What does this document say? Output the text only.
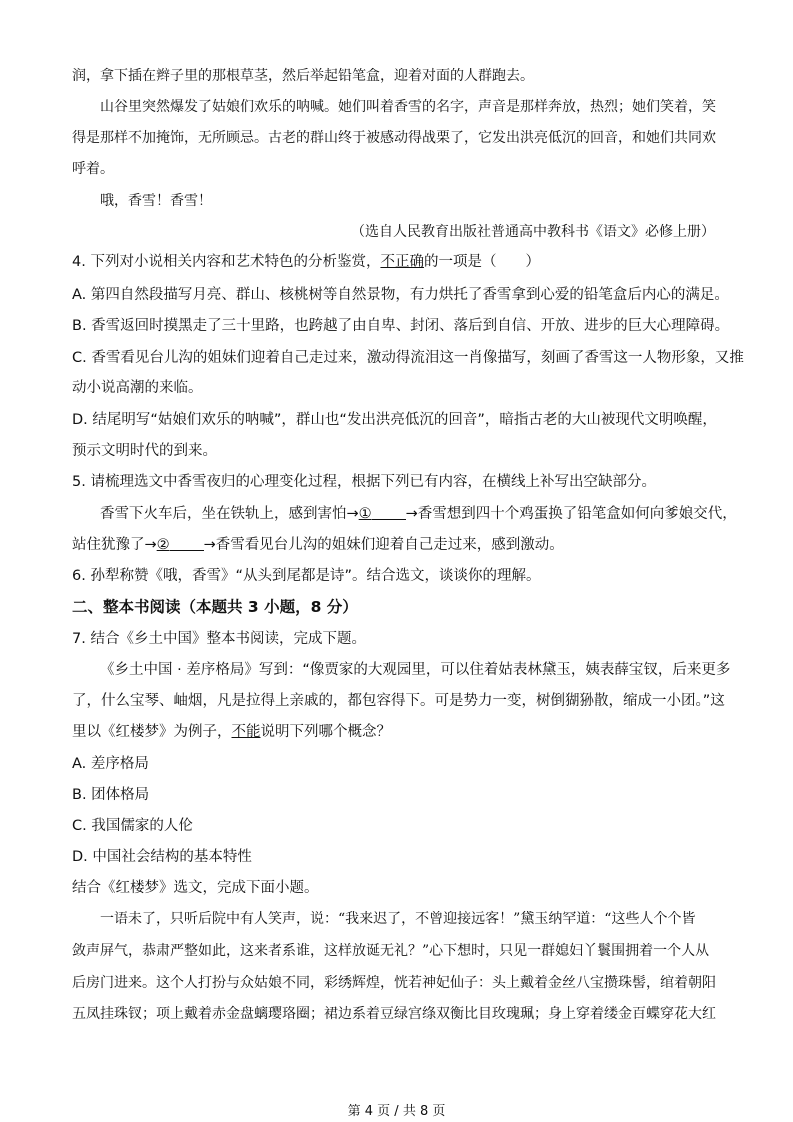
润，拿下插在辫子里的那根草茎，然后举起铅笔盒，迎着对面的人群跑去。
山谷里突然爆发了姑娘们欢乐的呐喊。她们叫着香雪的名字，声音是那样奔放，热烈；她们笑着，笑
得是那样不加掩饰，无所顾忌。古老的群山终于被感动得战栗了，它发出洪亮低沉的回音，和她们共同欢
呼着。
哦，香雪！香雪！
（选自人民教育出版社普通高中教科书《语文》必修上册）
4. 下列对小说相关内容和艺术特色的分析鉴赏，不正确的一项是（　　）
A. 第四自然段描写月亮、群山、核桃树等自然景物，有力烘托了香雪拿到心爱的铅笔盒后内心的满足。
B. 香雪返回时摸黑走了三十里路，也跨越了由自卑、封闭、落后到自信、开放、进步的巨大心理障碍。
C. 香雪看见台儿沟的姐妹们迎着自己走过来，激动得流泪这一肖像描写，刻画了香雪这一人物形象，又推
动小说高潮的来临。
D. 结尾明写“姑娘们欢乐的呐喊”，群山也“发出洪亮低沉的回音”，暗指古老的大山被现代文明唤醒，
预示文明时代的到来。
5. 请梳理选文中香雪夜归的心理变化过程，根据下列已有内容，在横线上补写出空缺部分。
香雪下火车后，坐在铁轨上，感到害怕→① →香雪想到四十个鸡蛋换了铅笔盒如何向爹娘交代，
站住犹豫了→② →香雪看见台儿沟的姐妹们迎着自己走过来，感到激动。
6. 孙犁称赞《哦，香雪》“从头到尾都是诗”。结合选文，谈谈你的理解。
二、整本书阅读（本题共 3 小题，8 分）
7. 结合《乡土中国》整本书阅读，完成下题。
《乡土中国 · 差序格局》写到：“像贾家的大观园里，可以住着姑表林黛玉，姨表薛宝钗，后来更多
了，什么宝琴、岫烟，凡是拉得上亲戚的，都包容得下。可是势力一变，树倒猢狲散，缩成一小团。”这
里以《红楼梦》为例子，不能说明下列哪个概念？
A. 差序格局
B. 团体格局
C. 我国儒家的人伦
D. 中国社会结构的基本特性
结合《红楼梦》选文，完成下面小题。
一语未了，只听后院中有人笑声，说：“我来迟了，不曾迎接远客！”黛玉纳罕道：“这些人个个皆
敛声屏气，恭肃严整如此，这来者系谁，这样放诞无礼？”心下想时，只见一群媳妇丫鬟围拥着一个人从
后房门进来。这个人打扮与众姑娘不同，彩绣辉煌，恍若神妃仙子：头上戴着金丝八宝攒珠髻，绾着朝阳
五凤挂珠钗；项上戴着赤金盘螭璎珞圈；裙边系着豆绿宫绦双衡比目玫瑰珮；身上穿着缕金百蝶穿花大红
第 4 页 / 共 8 页
